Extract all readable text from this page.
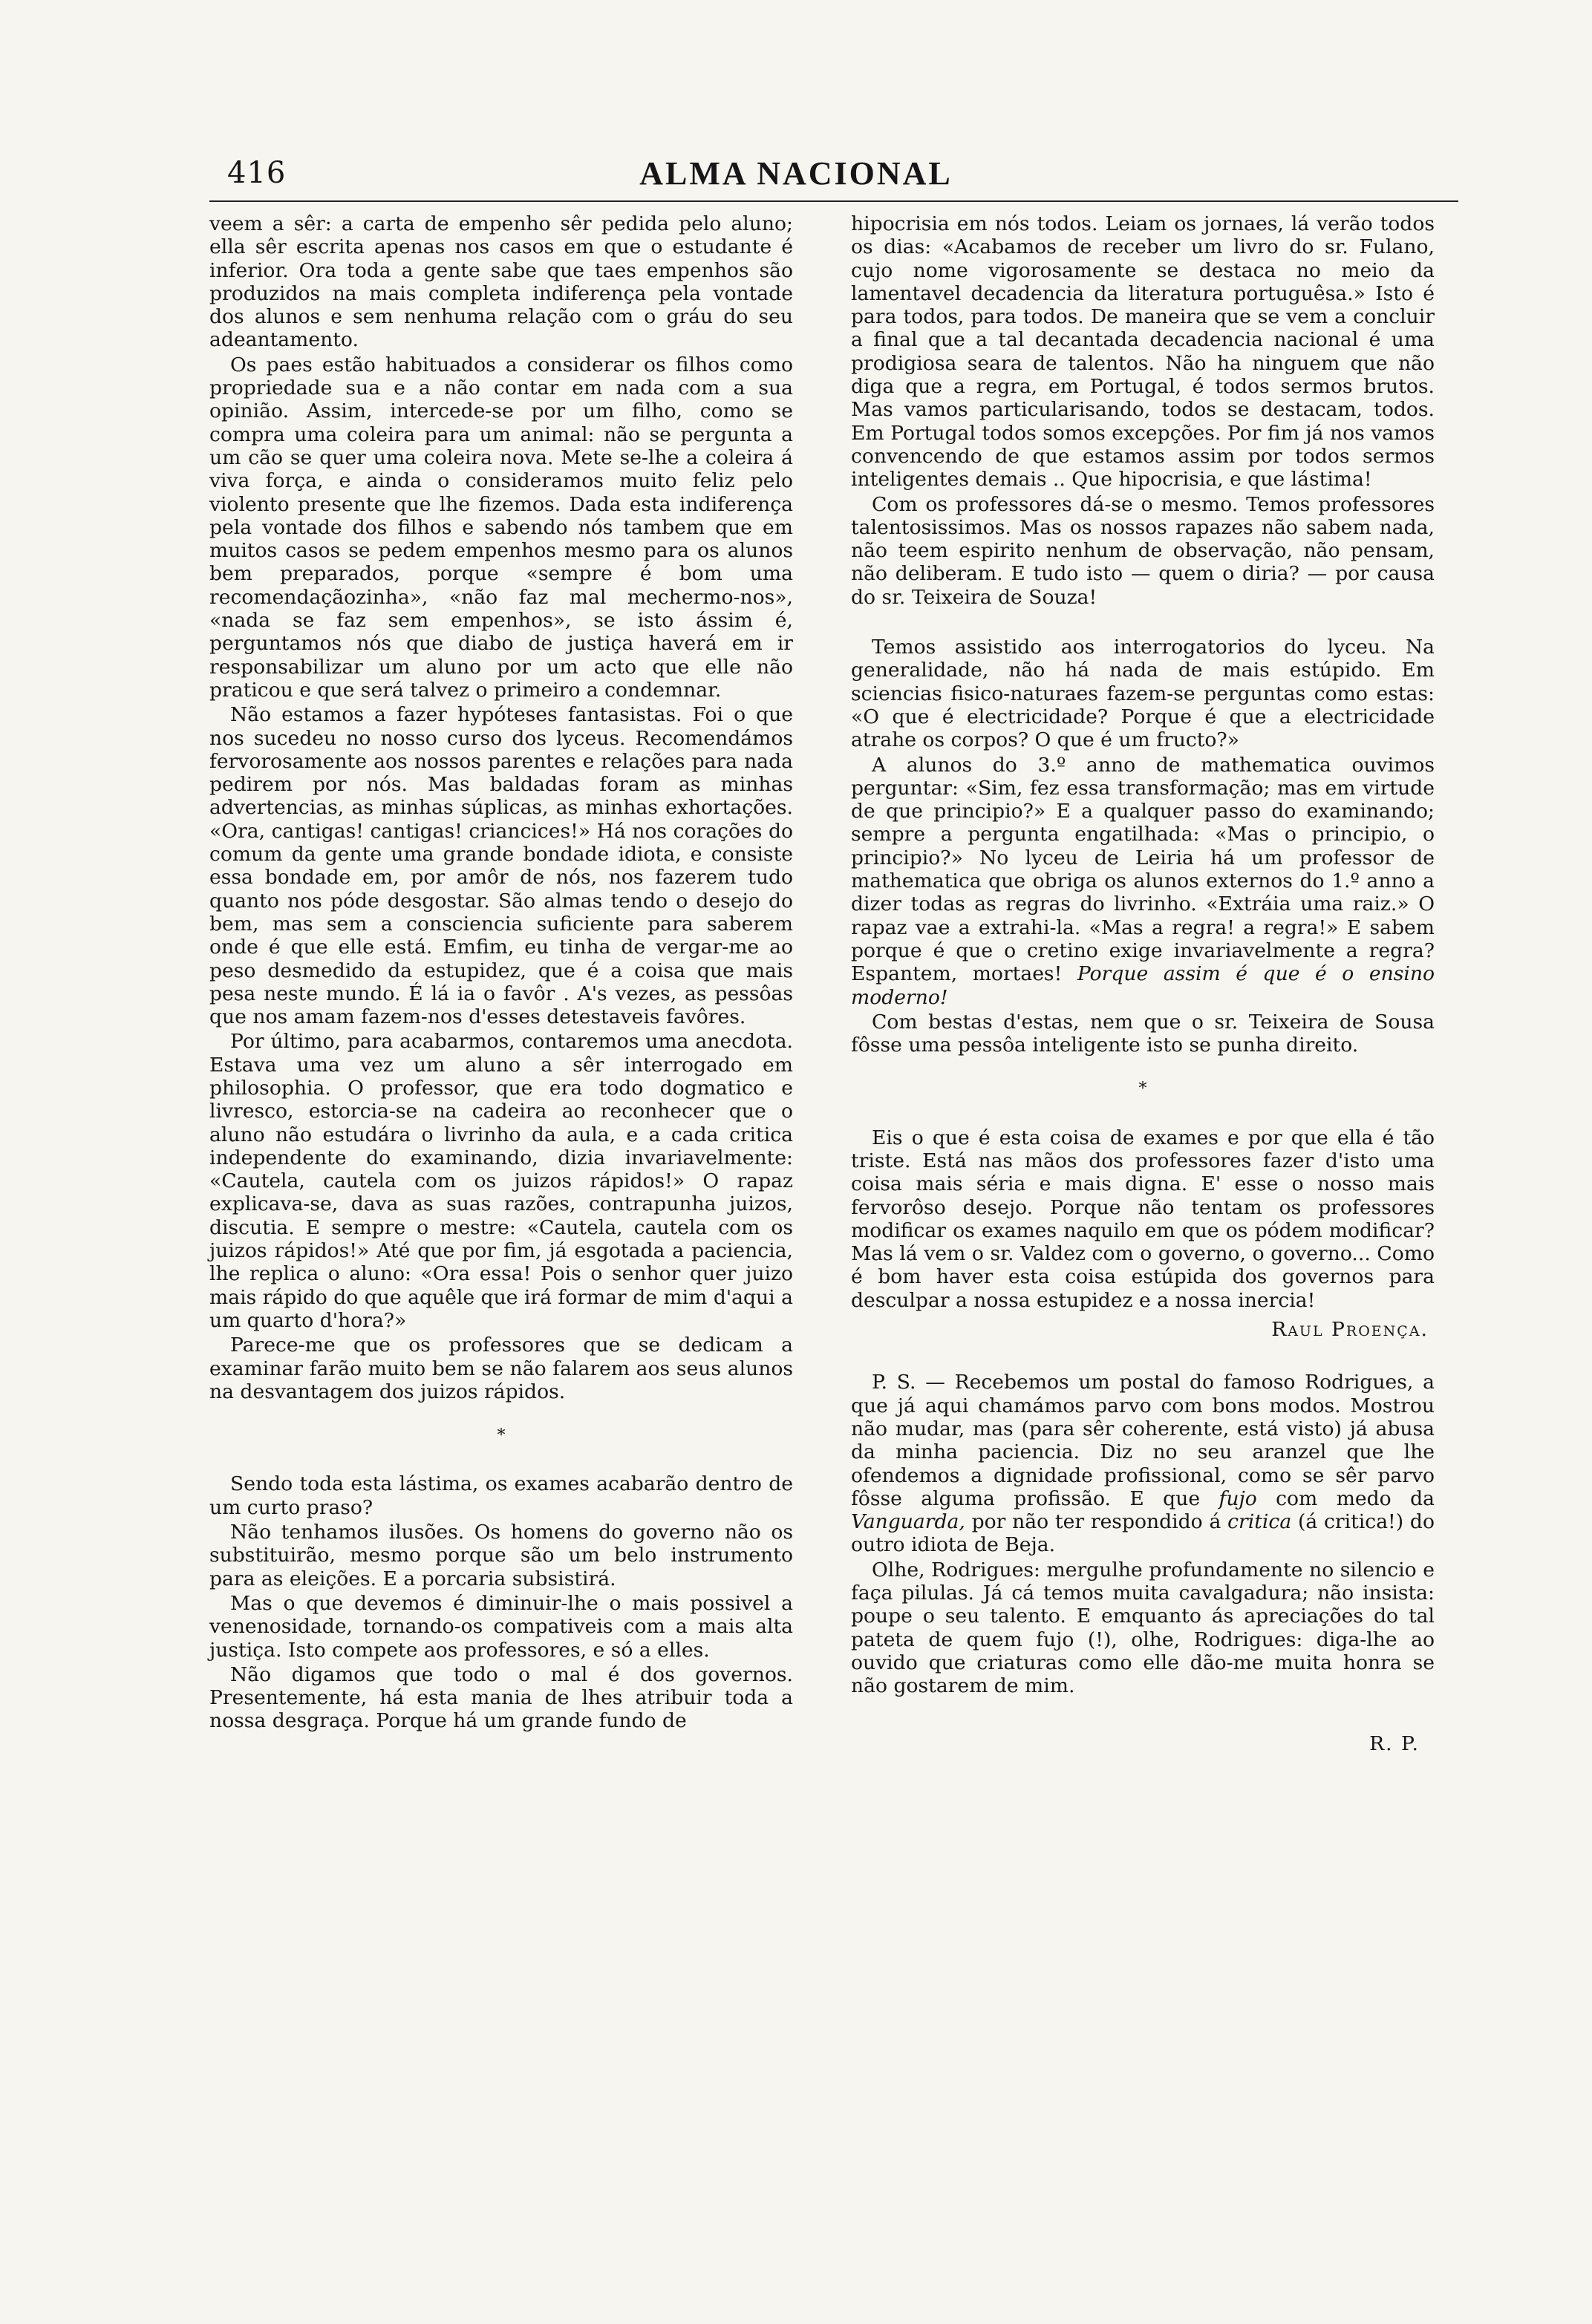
416	ALMA NACIONAL

veem a sêr: a carta de empenho sêr pedida pelo aluno; ella sêr escrita apenas nos casos em que o estudante é inferior. Ora toda a gente sabe que taes empenhos são produzidos na mais completa indiferença pela vontade dos alunos e sem nenhuma relação com o gráu do seu adeantamento.

Os paes estão habituados a considerar os filhos como propriedade sua e a não contar em nada com a sua opinião. Assim, intercede-se por um filho, como se compra uma coleira para um animal: não se pergunta a um cão se quer uma coleira nova. Mete se-lhe a coleira á viva força, e ainda o consideramos muito feliz pelo violento presente que lhe fizemos. Dada esta indiferença pela vontade dos filhos e sabendo nós tambem que em muitos casos se pedem empenhos mesmo para os alunos bem preparados, porque «sempre é bom uma recomendaçãozinha», «não faz mal mechermo-nos», «nada se faz sem empenhos», se isto ássim é, perguntamos nós que diabo de justiça haverá em ir responsabilizar um aluno por um acto que elle não praticou e que será talvez o primeiro a condemnar.

Não estamos a fazer hypóteses fantasistas. Foi o que nos sucedeu no nosso curso dos lyceus. Recomendámos fervorosamente aos nossos parentes e relações para nada pedirem por nós. Mas baldadas foram as minhas advertencias, as minhas súplicas, as minhas exhortações. «Ora, cantigas! cantigas! criancices!» Há nos corações do comum da gente uma grande bondade idiota, e consiste essa bondade em, por amôr de nós, nos fazerem tudo quanto nos póde desgostar. São almas tendo o desejo do bem, mas sem a consciencia suficiente para saberem onde é que elle está. Emfim, eu tinha de vergar-me ao peso desmedido da estupidez, que é a coisa que mais pesa neste mundo. É lá ia o favôr . A's vezes, as pessôas que nos amam fazem-nos d'esses detestaveis favôres.

Por último, para acabarmos, contaremos uma anecdota. Estava uma vez um aluno a sêr interrogado em philosophia. O professor, que era todo dogmatico e livresco, estorcia-se na cadeira ao reconhecer que o aluno não estudára o livrinho da aula, e a cada critica independente do examinando, dizia invariavelmente: «Cautela, cautela com os juizos rápidos!» O rapaz explicava-se, dava as suas razões, contrapunha juizos, discutia. E sempre o mestre: «Cautela, cautela com os juizos rápidos!» Até que por fim, já esgotada a paciencia, lhe replica o aluno: «Ora essa! Pois o senhor quer juizo mais rápido do que aquêle que irá formar de mim d'aqui a um quarto d'hora?»

Parece-me que os professores que se dedicam a examinar farão muito bem se não falarem aos seus alunos na desvantagem dos juizos rápidos.

*

Sendo toda esta lástima, os exames acabarão dentro de um curto praso?

Não tenhamos ilusões. Os homens do governo não os substituirão, mesmo porque são um belo instrumento para as eleições. E a porcaria subsistirá.

Mas o que devemos é diminuir-lhe o mais possivel a venenosidade, tornando-os compativeis com a mais alta justiça. Isto compete aos professores, e só a elles.

Não digamos que todo o mal é dos governos. Presentemente, há esta mania de lhes atribuir toda a nossa desgraça. Porque há um grande fundo de

hipocrisia em nós todos. Leiam os jornaes, lá verão todos os dias: «Acabamos de receber um livro do sr. Fulano, cujo nome vigorosamente se destaca no meio da lamentavel decadencia da literatura portuguêsa.» Isto é para todos, para todos. De maneira que se vem a concluir a final que a tal decantada decadencia nacional é uma prodigiosa seara de talentos. Não ha ninguem que não diga que a regra, em Portugal, é todos sermos brutos. Mas vamos particularisando, todos se destacam, todos. Em Portugal todos somos excepções. Por fim já nos vamos convencendo de que estamos assim por todos sermos inteligentes demais .. Que hipocrisia, e que lástima!

Com os professores dá-se o mesmo. Temos professores talentosissimos. Mas os nossos rapazes não sabem nada, não teem espirito nenhum de observação, não pensam, não deliberam. E tudo isto — quem o diria? — por causa do sr. Teixeira de Souza!

Temos assistido aos interrogatorios do lyceu. Na generalidade, não há nada de mais estúpido. Em sciencias fisico-naturaes fazem-se perguntas como estas: «O que é electricidade? Porque é que a electricidade atrahe os corpos? O que é um fructo?»

A alunos do 3.º anno de mathematica ouvimos perguntar: «Sim, fez essa transformação; mas em virtude de que principio?» E a qualquer passo do examinando; sempre a pergunta engatilhada: «Mas o principio, o principio?» No lyceu de Leiria há um professor de mathematica que obriga os alunos externos do 1.º anno a dizer todas as regras do livrinho. «Extráia uma raiz.» O rapaz vae a extrahi-la. «Mas a regra! a regra!» E sabem porque é que o cretino exige invariavelmente a regra? Espantem, mortaes! Porque assim é que é o ensino moderno!

Com bestas d'estas, nem que o sr. Teixeira de Sousa fôsse uma pessôa inteligente isto se punha direito.

*

Eis o que é esta coisa de exames e por que ella é tão triste. Está nas mãos dos professores fazer d'isto uma coisa mais séria e mais digna. E' esse o nosso mais fervorôso desejo. Porque não tentam os professores modificar os exames naquilo em que os pódem modificar? Mas lá vem o sr. Valdez com o governo, o governo... Como é bom haver esta coisa estúpida dos governos para desculpar a nossa estupidez e a nossa inercia!

Raul Proença.

P. S. — Recebemos um postal do famoso Rodrigues, a que já aqui chamámos parvo com bons modos. Mostrou não mudar, mas (para sêr coherente, está visto) já abusa da minha paciencia. Diz no seu aranzel que lhe ofendemos a dignidade profissional, como se sêr parvo fôsse alguma profissão. E que fujo com medo da Vanguarda, por não ter respondido á critica (á critica!) do outro idiota de Beja.

Olhe, Rodrigues: mergulhe profundamente no silencio e faça pilulas. Já cá temos muita cavalgadura; não insista: poupe o seu talento. E emquanto ás apreciações do tal pateta de quem fujo (!), olhe, Rodrigues: diga-lhe ao ouvido que criaturas como elle dão-me muita honra se não gostarem de mim.

R. P.
